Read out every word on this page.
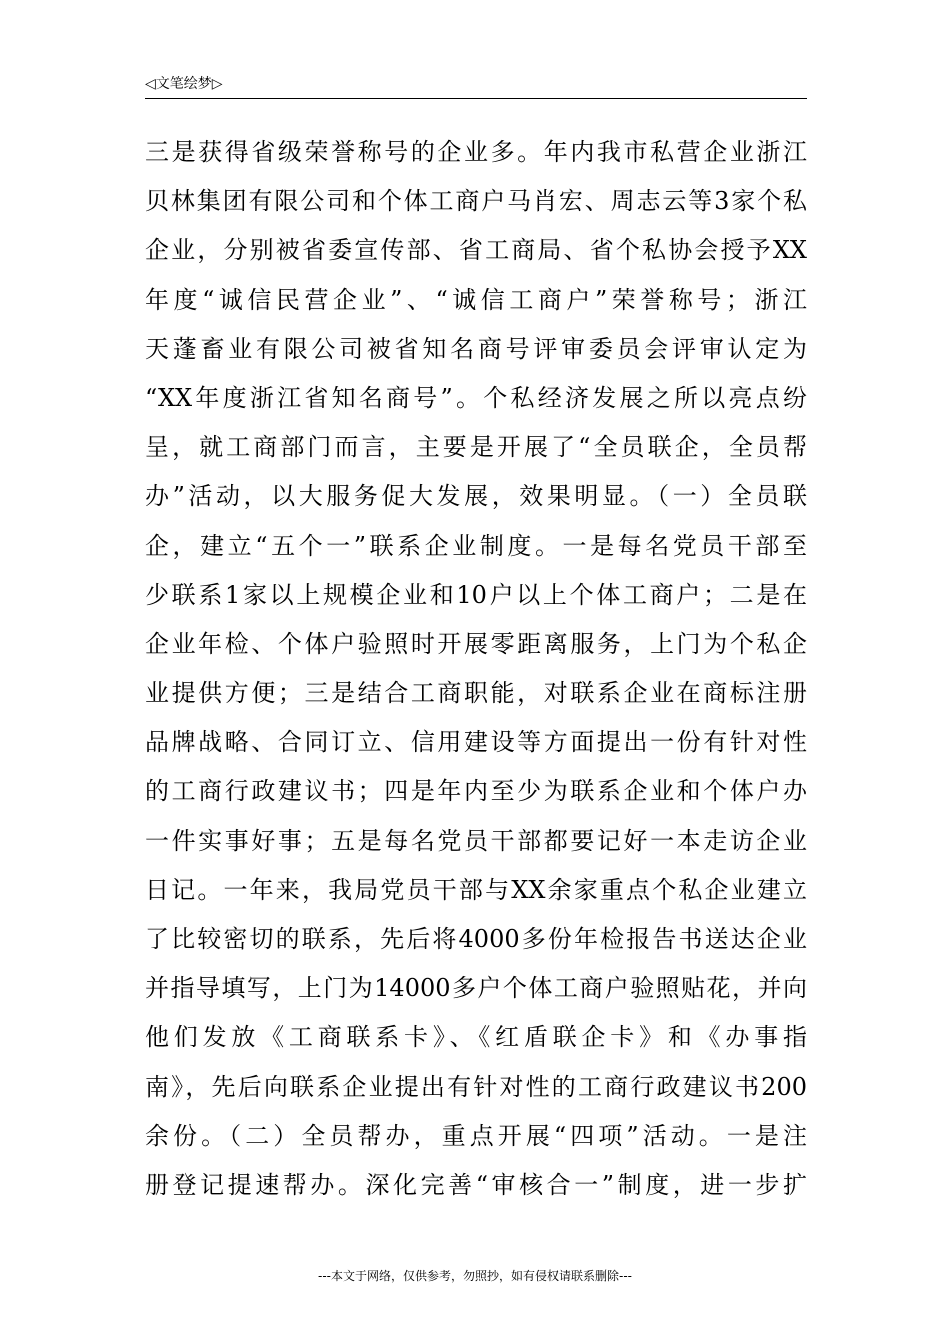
◁文笔绘梦▷
三是获得省级荣誉称号的企业多。年内我市私营企业浙江
贝林集团有限公司和个体工商户马肖宏、周志云等3家个私
企业，分别被省委宣传部、省工商局、省个私协会授予XX
年度“诚信民营企业”、“诚信工商户”荣誉称号；浙江
天蓬畜业有限公司被省知名商号评审委员会评审认定为
“XX年度浙江省知名商号”。个私经济发展之所以亮点纷
呈，就工商部门而言，主要是开展了“全员联企，全员帮
办”活动，以大服务促大发展，效果明显。（一）全员联
企，建立“五个一”联系企业制度。一是每名党员干部至
少联系1家以上规模企业和10户以上个体工商户；二是在
企业年检、个体户验照时开展零距离服务，上门为个私企
业提供方便；三是结合工商职能，对联系企业在商标注册
品牌战略、合同订立、信用建设等方面提出一份有针对性
的工商行政建议书；四是年内至少为联系企业和个体户办
一件实事好事；五是每名党员干部都要记好一本走访企业
日记。一年来，我局党员干部与XX余家重点个私企业建立
了比较密切的联系，先后将4000多份年检报告书送达企业
并指导填写，上门为14000多户个体工商户验照贴花，并向
他们发放《工商联系卡》、《红盾联企卡》和《办事指
南》，先后向联系企业提出有针对性的工商行政建议书200
余份。（二）全员帮办，重点开展“四项”活动。一是注
册登记提速帮办。深化完善“审核合一”制度，进一步扩
---本文于网络，仅供参考，勿照抄，如有侵权请联系删除---
